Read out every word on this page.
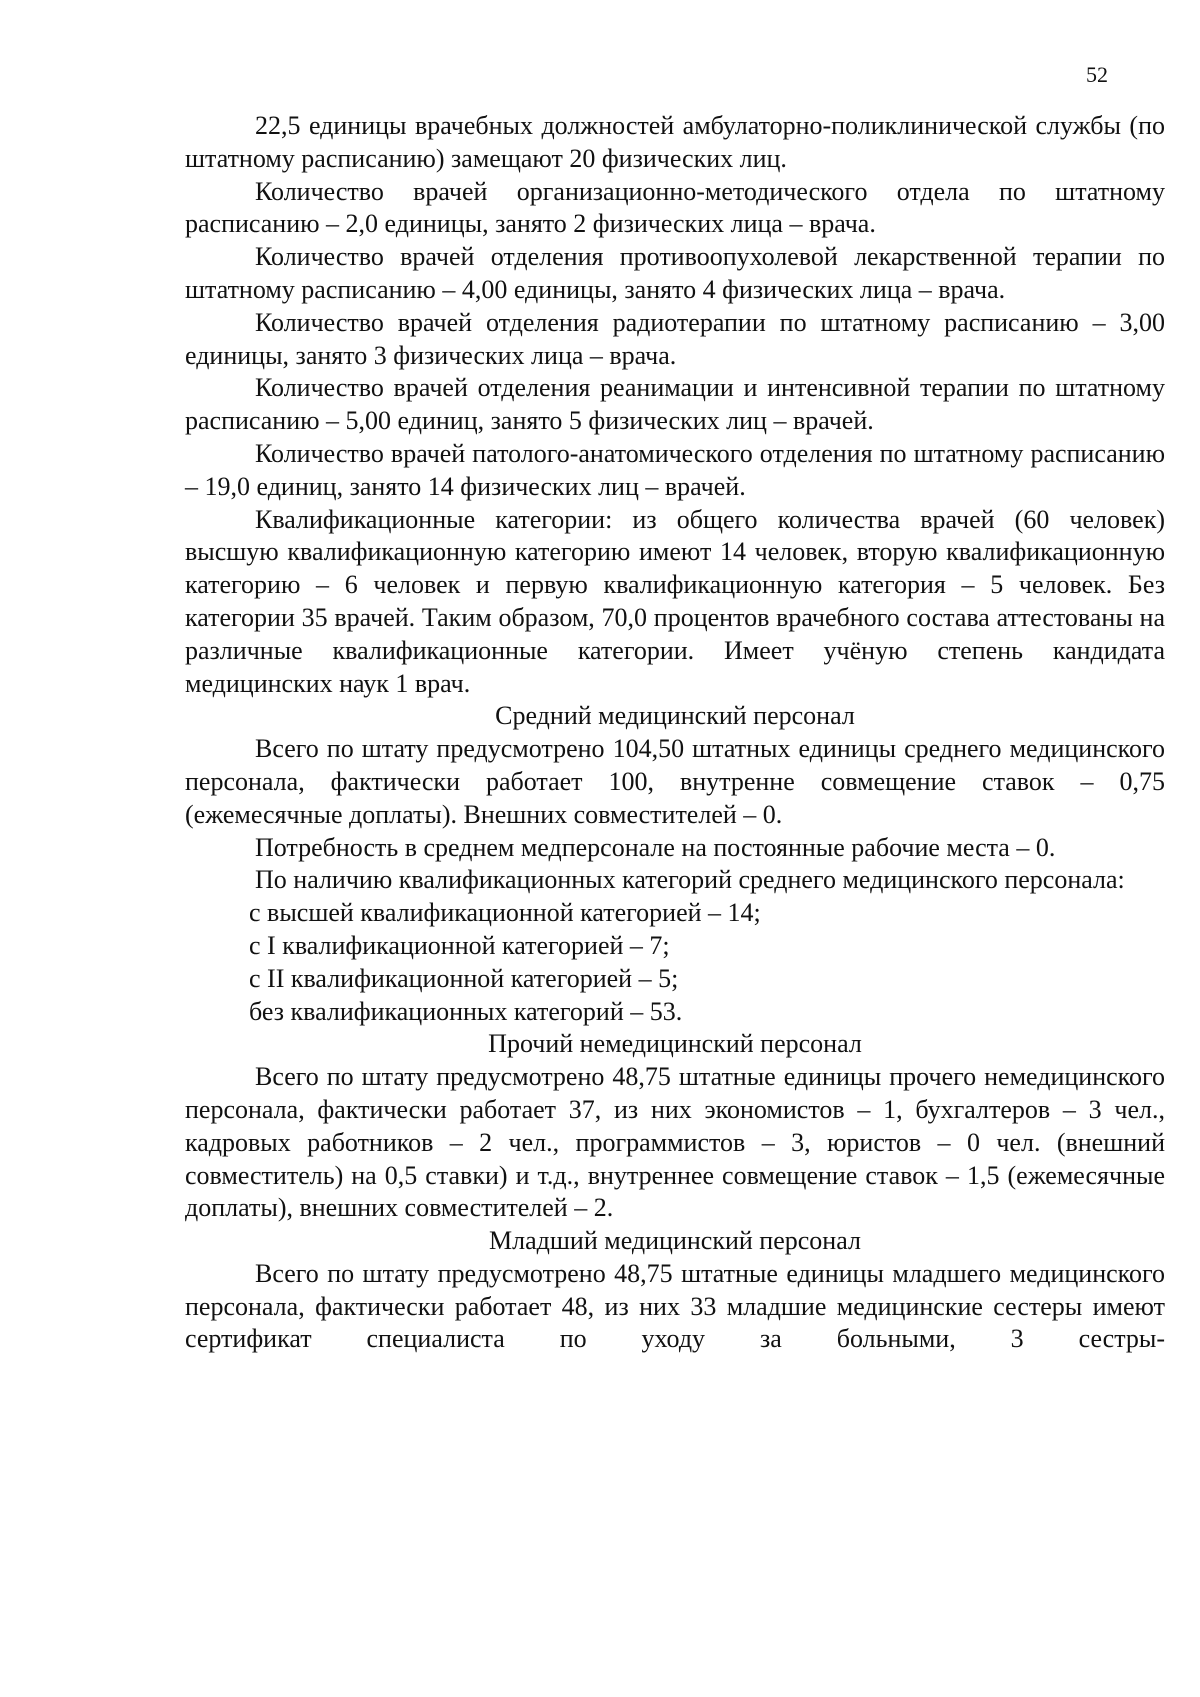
52

22,5 единицы врачебных должностей амбулаторно-поликлинической службы (по штатному расписанию) замещают 20 физических лиц.

Количество врачей организационно-методического отдела по штатному расписанию – 2,0 единицы, занято 2 физических лица – врача.

Количество врачей отделения противоопухолевой лекарственной терапии по штатному расписанию – 4,00 единицы, занято 4 физических лица – врача.

Количество врачей отделения радиотерапии по штатному расписанию – 3,00 единицы, занято 3 физических лица – врача.

Количество врачей отделения реанимации и интенсивной терапии по штатному расписанию – 5,00 единиц, занято 5 физических лиц – врачей.

Количество врачей патолого-анатомического отделения по штатному расписанию – 19,0 единиц, занято 14 физических лиц – врачей.

Квалификационные категории: из общего количества врачей (60 человек) высшую квалификационную категорию имеют 14 человек, вторую квалификационную категорию – 6 человек и первую квалификационную категория – 5 человек. Без категории 35 врачей. Таким образом, 70,0 процентов врачебного состава аттестованы на различные квалификационные категории. Имеет учёную степень кандидата медицинских наук 1 врач.

Средний медицинский персонал

Всего по штату предусмотрено 104,50 штатных единицы среднего медицинского персонала, фактически работает 100, внутренне совмещение ставок – 0,75 (ежемесячные доплаты). Внешних совместителей – 0.

Потребность в среднем медперсонале на постоянные рабочие места – 0.

По наличию квалификационных категорий среднего медицинского персонала:

с высшей квалификационной категорией – 14;
с I квалификационной категорией – 7;
с II квалификационной категорией – 5;
без квалификационных категорий – 53.

Прочий немедицинский персонал

Всего по штату предусмотрено 48,75 штатные единицы прочего немедицинского персонала, фактически работает 37, из них экономистов – 1, бухгалтеров – 3 чел., кадровых работников – 2 чел., программистов – 3, юристов – 0 чел. (внешний совместитель) на 0,5 ставки) и т.д., внутреннее совмещение ставок – 1,5 (ежемесячные доплаты), внешних совместителей – 2.

Младший медицинский персонал

Всего по штату предусмотрено 48,75 штатные единицы младшего медицинского персонала, фактически работает 48, из них 33 младшие медицинские сестеры имеют сертификат специалиста по уходу за больными, 3 сестры-
